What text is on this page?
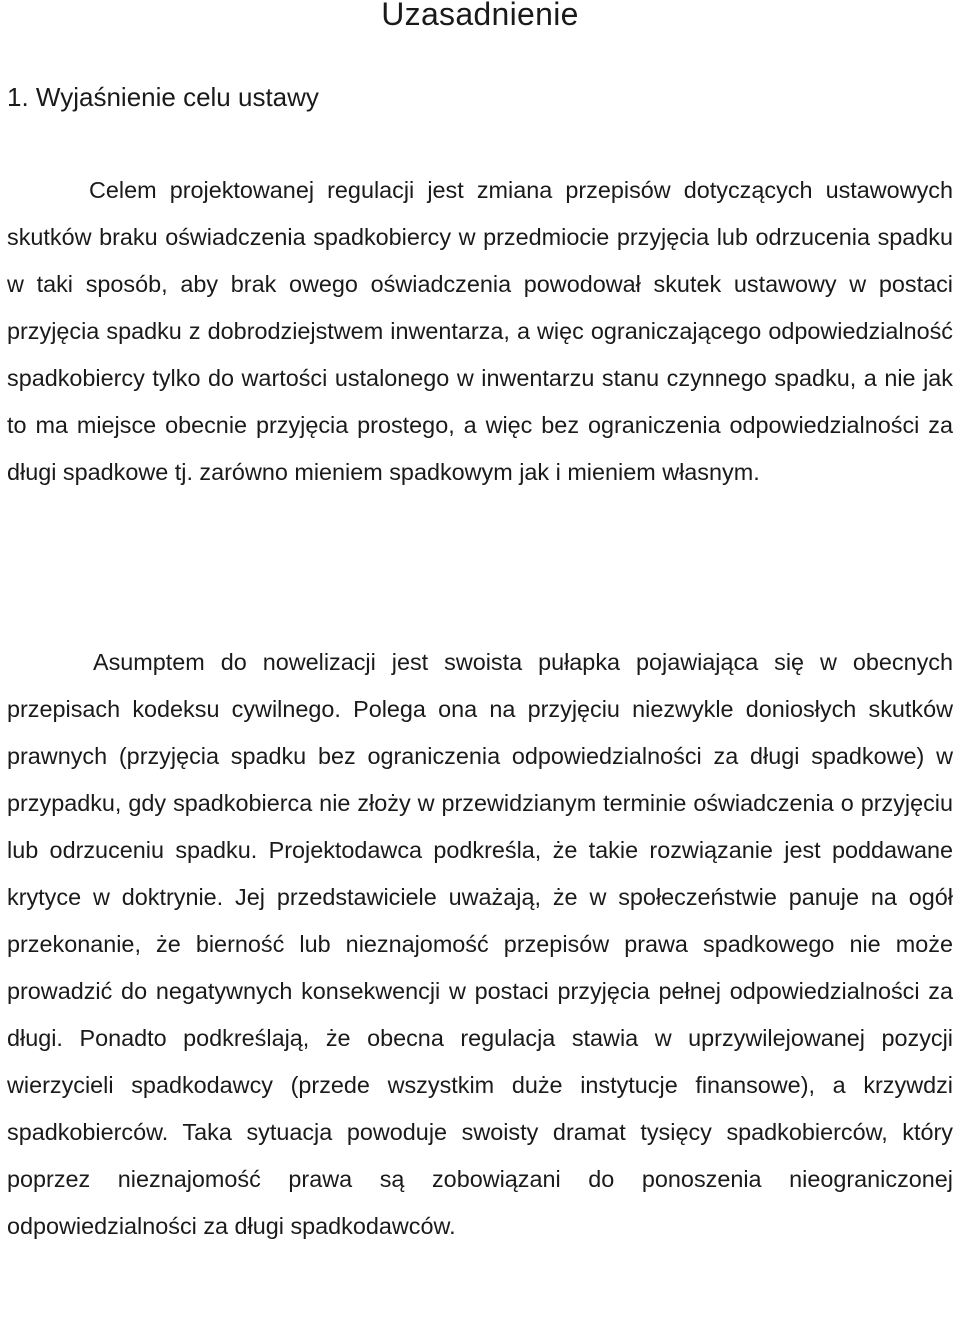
Uzasadnienie
1. Wyjaśnienie celu ustawy

Celem projektowanej regulacji jest zmiana przepisów dotyczących ustawowych skutków braku oświadczenia spadkobiercy w przedmiocie przyjęcia lub odrzucenia spadku w taki sposób, aby brak owego oświadczenia powodował skutek ustawowy w postaci przyjęcia spadku z dobrodziejstwem inwentarza, a więc ograniczającego odpowiedzialność spadkobiercy tylko do wartości ustalonego w inwentarzu stanu czynnego spadku, a nie jak to ma miejsce obecnie przyjęcia prostego, a więc bez ograniczenia odpowiedzialności za długi spadkowe tj. zarówno mieniem spadkowym jak i mieniem własnym.

Asumptem do nowelizacji jest swoista pułapka pojawiająca się w obecnych przepisach kodeksu cywilnego. Polega ona na przyjęciu niezwykle doniosłych skutków prawnych (przyjęcia spadku bez ograniczenia odpowiedzialności za długi spadkowe) w przypadku, gdy spadkobierca nie złoży w przewidzianym terminie oświadczenia o przyjęciu lub odrzuceniu spadku. Projektodawca podkreśla, że takie rozwiązanie jest poddawane krytyce w doktrynie. Jej przedstawiciele uważają, że w społeczeństwie panuje na ogół przekonanie, że bierność lub nieznajomość przepisów prawa spadkowego nie może prowadzić do negatywnych konsekwencji w postaci przyjęcia pełnej odpowiedzialności za długi. Ponadto podkreślają, że obecna regulacja stawia w uprzywilejowanej pozycji wierzycieli spadkodawcy (przede wszystkim duże instytucje finansowe), a krzywdzi spadkobierców. Taka sytuacja powoduje swoisty dramat tysięcy spadkobierców, który poprzez nieznajomość prawa są zobowiązani do ponoszenia nieograniczonej odpowiedzialności za długi spadkodawców.
